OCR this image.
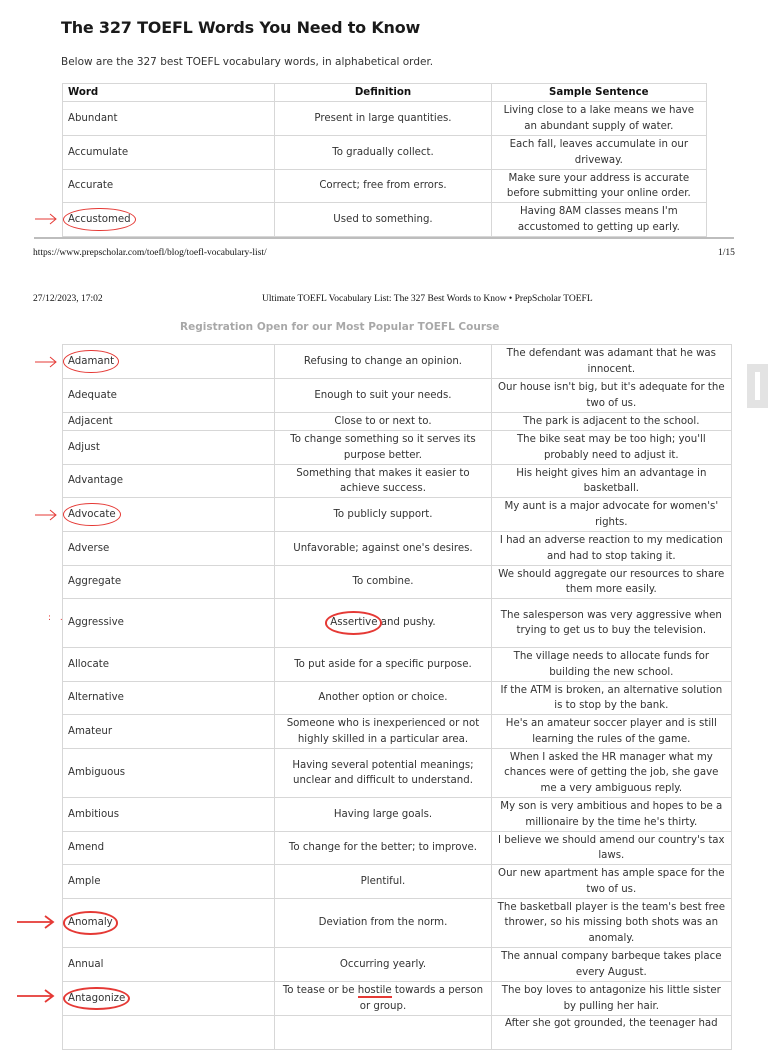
The 327 TOEFL Words You Need to Know
Below are the 327 best TOEFL vocabulary words, in alphabetical order.
Word	Definition	Sample Sentence
Abundant	Present in large quantities.	Living close to a lake means we have an abundant supply of water.
Accumulate	To gradually collect.	Each fall, leaves accumulate in our driveway.
Accurate	Correct; free from errors.	Make sure your address is accurate before submitting your online order.

Accustomed	Used to something.	Having 8AM classes means I'm accustomed to getting up early.
https://www.prepscholar.com/toefl/blog/toefl-vocabulary-list/	1/15
27/12/2023, 17:02	Ultimate TOEFL Vocabulary List: The 327 Best Words to Know • PrepScholar TOEFL
Registration Open for our Most Popular TOEFL Course
Adamant	Refusing to change an opinion.	The defendant was adamant that he was innocent.
Adequate	Enough to suit your needs.	Our house isn't big, but it's adequate for the two of us.
Adjacent	Close to or next to.	The park is adjacent to the school.
Adjust	To change something so it serves its purpose better.	The bike seat may be too high; you'll probably need to adjust it.
Advantage	Something that makes it easier to achieve success.	His height gives him an advantage in basketball.

Advocate	To publicly support.	My aunt is a major advocate for women's' rights.
Adverse	Unfavorable; against one's desires.	I had an adverse reaction to my medication and had to stop taking it.
Aggregate	To combine.	We should aggregate our resources to share them more easily.
Aggressive	Assertive and pushy.	The salesperson was very aggressive when trying to get us to buy the television.
Allocate	To put aside for a specific purpose.	The village needs to allocate funds for building the new school.
Alternative	Another option or choice.	If the ATM is broken, an alternative solution is to stop by the bank.
Amateur	Someone who is inexperienced or not highly skilled in a particular area.	He's an amateur soccer player and is still learning the rules of the game.
Ambiguous	Having several potential meanings; unclear and difficult to understand.	When I asked the HR manager what my chances were of getting the job, she gave me a very ambiguous reply.
Ambitious	Having large goals.	My son is very ambitious and hopes to be a millionaire by the time he's thirty.
Amend	To change for the better; to improve.	I believe we should amend our country's tax laws.
Ample	Plentiful.	Our new apartment has ample space for the two of us.

Anomaly	Deviation from the norm.	The basketball player is the team's best free thrower, so his missing both shots was an anomaly.
Annual	Occurring yearly.	The annual company barbeque takes place every August.

Antagonize	To tease or be hostile towards a person or group.	The boy loves to antagonize his little sister by pulling her hair.
		After she got grounded, the teenager had
: .
